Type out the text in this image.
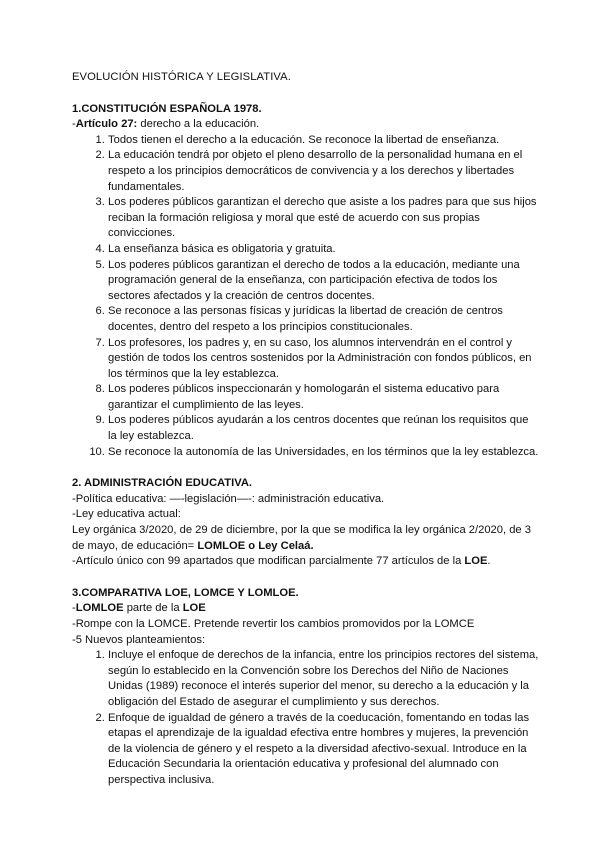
EVOLUCIÓN HISTÓRICA Y LEGISLATIVA.

1.CONSTITUCIÓN ESPAÑOLA 1978.

-Artículo 27: derecho a la educación.

1. Todos tienen el derecho a la educación. Se reconoce la libertad de enseñanza.
2. La educación tendrá por objeto el pleno desarrollo de la personalidad humana en el respeto a los principios democráticos de convivencia y a los derechos y libertades fundamentales.
3. Los poderes públicos garantizan el derecho que asiste a los padres para que sus hijos reciban la formación religiosa y moral que esté de acuerdo con sus propias convicciones.
4. La enseñanza básica es obligatoria y gratuita.
5. Los poderes públicos garantizan el derecho de todos a la educación, mediante una programación general de la enseñanza, con participación efectiva de todos los sectores afectados y la creación de centros docentes.
6. Se reconoce a las personas físicas y jurídicas la libertad de creación de centros docentes, dentro del respeto a los principios constitucionales.
7. Los profesores, los padres y, en su caso, los alumnos intervendrán en el control y gestión de todos los centros sostenidos por la Administración con fondos públicos, en los términos que la ley establezca.
8. Los poderes públicos inspeccionarán y homologarán el sistema educativo para garantizar el cumplimiento de las leyes.
9. Los poderes públicos ayudarán a los centros docentes que reúnan los requisitos que la ley establezca.
10. Se reconoce la autonomía de las Universidades, en los términos que la ley establezca.

2. ADMINISTRACIÓN EDUCATIVA.

-Política educativa: —-legislación—-: administración educativa.

-Ley educativa actual:

Ley orgánica 3/2020, de 29 de diciembre, por la que se modifica la ley orgánica 2/2020, de 3 de mayo, de educación= LOMLOE o Ley Celaá.

-Artículo único con 99 apartados que modifican parcialmente 77 artículos de la LOE.

3.COMPARATIVA LOE, LOMCE Y LOMLOE.

-LOMLOE parte de la LOE

-Rompe con la LOMCE. Pretende revertir los cambios promovidos por la LOMCE

-5 Nuevos planteamientos:

1. Incluye el enfoque de derechos de la infancia, entre los principios rectores del sistema, según lo establecido en la Convención sobre los Derechos del Niño de Naciones Unidas (1989) reconoce el interés superior del menor, su derecho a la educación y la obligación del Estado de asegurar el cumplimiento y sus derechos.
2. Enfoque de igualdad de género a través de la coeducación, fomentando en todas las etapas el aprendizaje de la igualdad efectiva entre hombres y mujeres, la prevención de la violencia de género y el respeto a la diversidad afectivo-sexual. Introduce en la Educación Secundaria la orientación educativa y profesional del alumnado con perspectiva inclusiva.
